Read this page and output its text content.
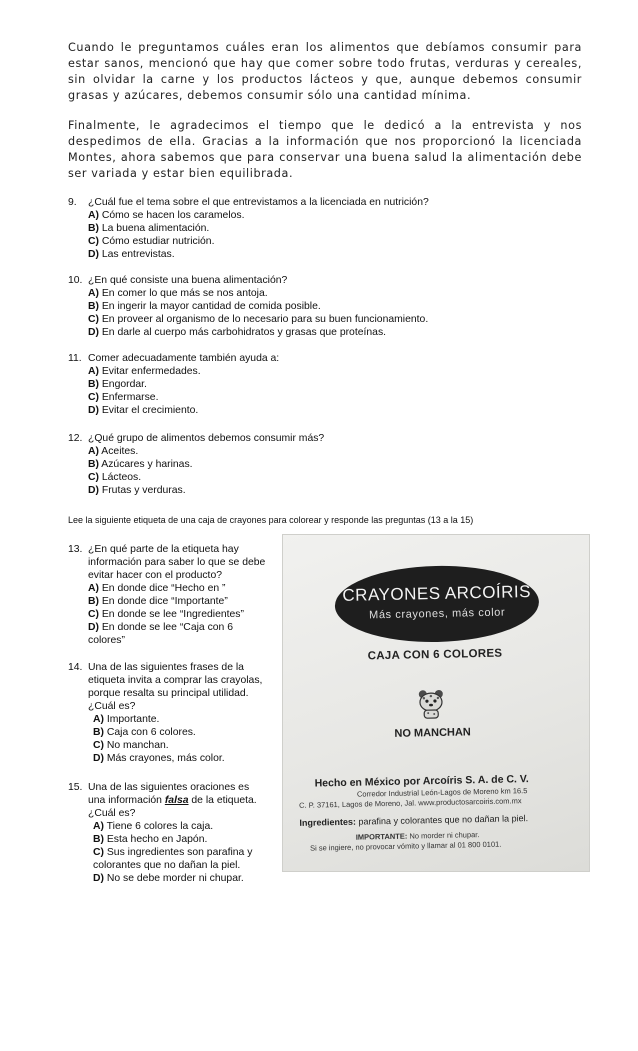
Cuando le preguntamos cuáles eran los alimentos que debíamos consumir para estar sanos, mencionó que hay que comer sobre todo frutas, verduras y cereales, sin olvidar la carne y los productos lácteos y que, aunque debemos consumir grasas y azúcares, debemos consumir sólo una cantidad mínima.

Finalmente, le agradecimos el tiempo que le dedicó a la entrevista y nos despedimos de ella. Gracias a la información que nos proporcionó la licenciada Montes, ahora sabemos que para conservar una buena salud la alimentación debe ser variada y estar bien equilibrada.

9.	¿Cuál fue el tema sobre el que entrevistamos a la licenciada en nutrición?
A) Cómo se hacen los caramelos.
B) La buena alimentación.
C) Cómo estudiar nutrición.
D) Las entrevistas.
10. ¿En qué consiste una buena alimentación?
A) En comer lo que más se nos antoja.
B) En ingerir la mayor cantidad de comida posible.
C) En proveer al organismo de lo necesario para su buen funcionamiento.
D) En darle al cuerpo más carbohidratos y grasas que proteínas.
11. Comer adecuadamente también ayuda a:
A) Evitar enfermedades.
B) Engordar.
C) Enfermarse.
D) Evitar el crecimiento.
12. ¿Qué grupo de alimentos debemos consumir más?
A) Aceites.
B) Azúcares y harinas.
C) Lácteos.
D) Frutas y verduras.
Lee la siguiente etiqueta de una caja de crayones para colorear y responde las preguntas (13 a la 15)
13. ¿En qué parte de la etiqueta hay información para saber lo que se debe evitar hacer con el producto?
A) En donde dice “Hecho en ”
B) En donde dice “Importante”
C) En donde se lee “Ingredientes”
D) En donde se lee “Caja con 6 colores”
14. Una de las siguientes frases de la etiqueta invita a comprar las crayolas, porque resalta su principal utilidad. ¿Cuál es?
A) Importante.
B) Caja con 6 colores.
C) No manchan.
D) Más crayones, más color.
15. Una de las siguientes oraciones es una información falsa de la etiqueta. ¿Cuál es?
A) Tiene 6 colores la caja.
B) Esta hecho en Japón.
C) Sus ingredientes son parafina y colorantes que no dañan la piel.
D) No se debe morder ni chupar.
CRAYONES ARCOÍRIS
Más crayones, más color
CAJA CON 6 COLORES
NO MANCHAN
Hecho en México por Arcoíris S. A. de C. V.
Corredor Industrial León-Lagos de Moreno km 16.5
C. P. 37161, Lagos de Moreno, Jal. www.productosarcoiris.com.mx
Ingredientes: parafina y colorantes que no dañan la piel.
IMPORTANTE: No morder ni chupar.
Si se ingiere, no provocar vómito y llamar al 01 800 0101.
